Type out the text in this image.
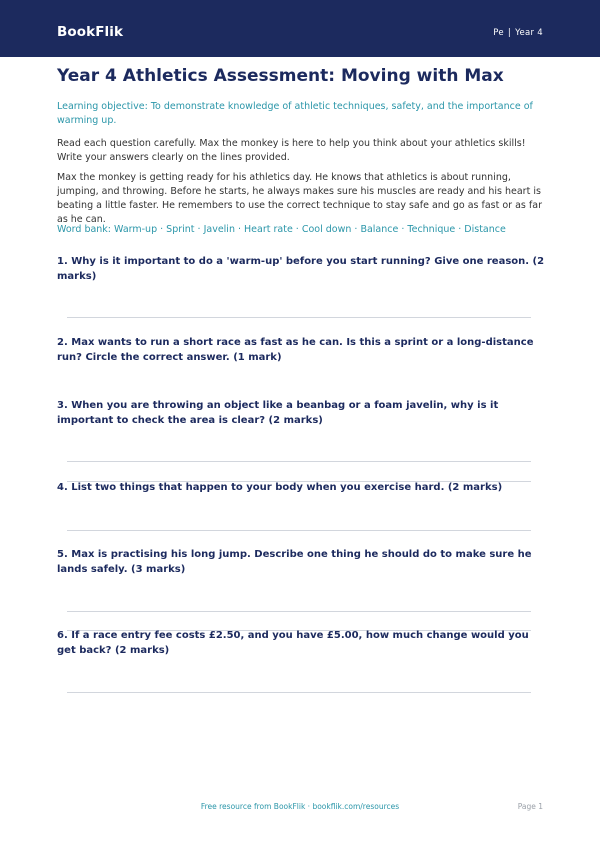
BookFlik	Pe | Year 4
Year 4 Athletics Assessment: Moving with Max

Learning objective: To demonstrate knowledge of athletic techniques, safety, and the importance of warming up.

Read each question carefully. Max the monkey is here to help you think about your athletics skills! Write your answers clearly on the lines provided.

Max the monkey is getting ready for his athletics day. He knows that athletics is about running, jumping, and throwing. Before he starts, he always makes sure his muscles are ready and his heart is beating a little faster. He remembers to use the correct technique to stay safe and go as fast or as far as he can.

Word bank: Warm-up · Sprint · Javelin · Heart rate · Cool down · Balance · Technique · Distance

1. Why is it important to do a 'warm-up' before you start running? Give one reason. (2 marks)

2. Max wants to run a short race as fast as he can. Is this a sprint or a long-distance run? Circle the correct answer. (1 mark)

3. When you are throwing an object like a beanbag or a foam javelin, why is it important to check the area is clear? (2 marks)

4. List two things that happen to your body when you exercise hard. (2 marks)

5. Max is practising his long jump. Describe one thing he should do to make sure he lands safely. (3 marks)

6. If a race entry fee costs £2.50, and you have £5.00, how much change would you get back? (2 marks)

Free resource from BookFlik · bookflik.com/resources	Page 1
